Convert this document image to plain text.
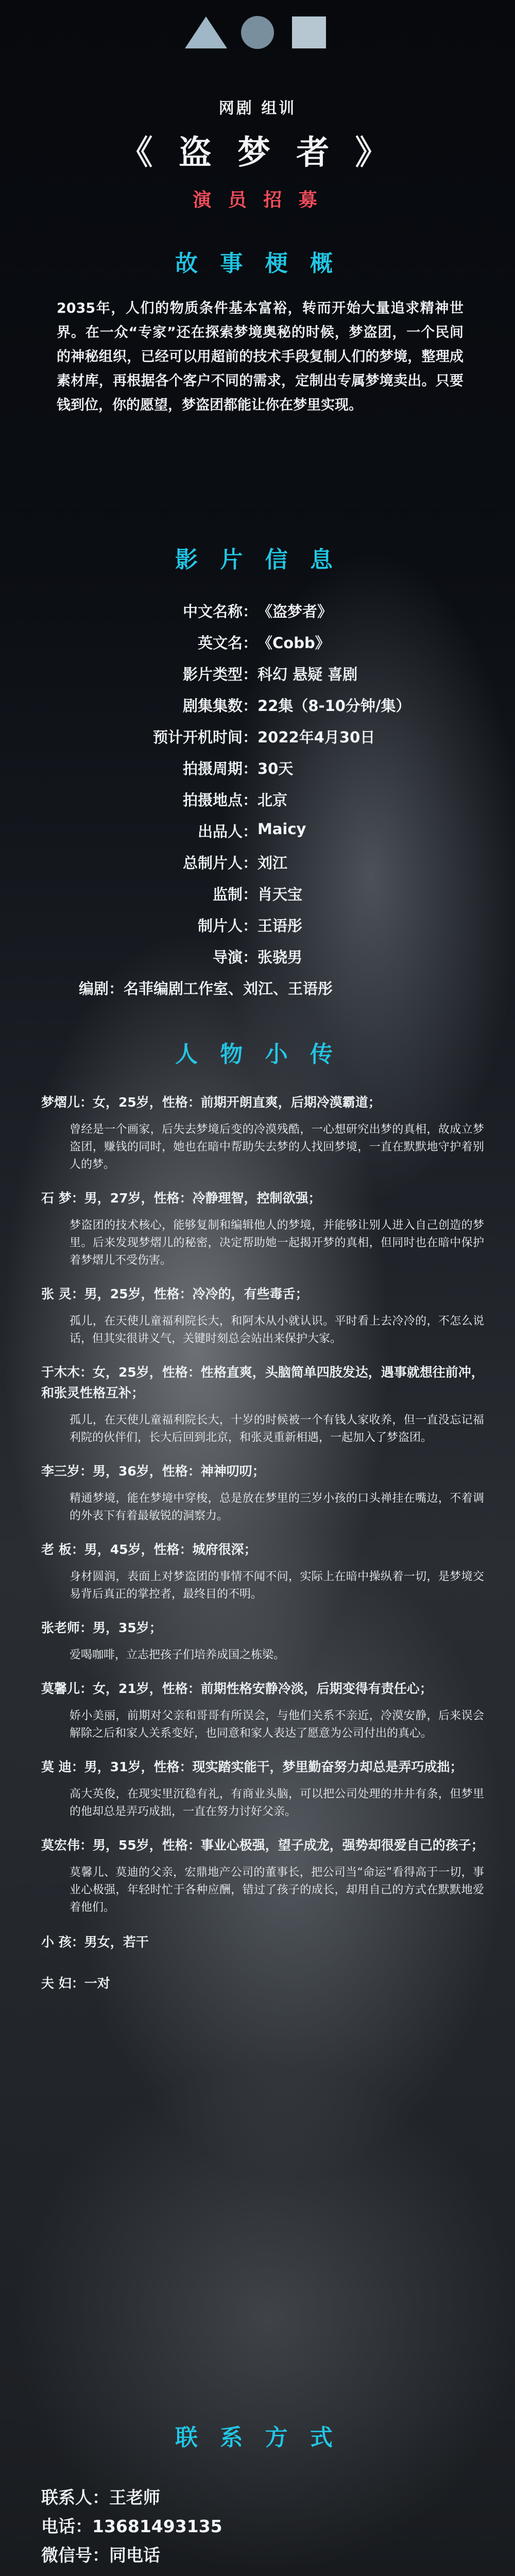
网剧 组训
《 盗 梦 者 》
演 员 招 募
故 事 梗 概
2035年，人们的物质条件基本富裕，转而开始大量追求精神世界。在一众“专家”还在探索梦境奥秘的时候，梦盗团，一个民间的神秘组织，已经可以用超前的技术手段复制人们的梦境，整理成素材库，再根据各个客户不同的需求，定制出专属梦境卖出。只要钱到位，你的愿望，梦盗团都能让你在梦里实现。
影 片 信 息
中文名称： 《盗梦者》
英文名： 《Cobb》
影片类型： 科幻 悬疑 喜剧
剧集集数： 22集（8-10分钟/集）
预计开机时间： 2022年4月30日
拍摄周期： 30天
拍摄地点： 北京
出品人： Maicy
总制片人： 刘江
监制： 肖天宝
制片人： 王语彤
导演： 张骁男
编剧： 名菲编剧工作室、刘江、王语彤
人 物 小 传
梦熠儿：女，25岁，性格：前期开朗直爽，后期冷漠霸道；
曾经是一个画家，后失去梦境后变的冷漠残酷，一心想研究出梦的真相，故成立梦盗团，赚钱的同时，她也在暗中帮助失去梦的人找回梦境，一直在默默地守护着别人的梦。
石 梦：男，27岁，性格：冷静理智，控制欲强；
梦盗团的技术核心，能够复制和编辑他人的梦境，并能够让别人进入自己创造的梦里。后来发现梦熠儿的秘密，决定帮助她一起揭开梦的真相，但同时也在暗中保护着梦熠儿不受伤害。
张 灵：男，25岁，性格：冷冷的，有些毒舌；
孤儿，在天使儿童福利院长大，和阿木从小就认识。平时看上去冷冷的，不怎么说话，但其实很讲义气，关键时刻总会站出来保护大家。
于木木：女，25岁，性格：性格直爽，头脑简单四肢发达，遇事就想往前冲，和张灵性格互补；
孤儿，在天使儿童福利院长大，十岁的时候被一个有钱人家收养，但一直没忘记福利院的伙伴们，长大后回到北京，和张灵重新相遇，一起加入了梦盗团。
李三岁：男，36岁，性格：神神叨叨；
精通梦境，能在梦境中穿梭，总是放在梦里的三岁小孩的口头禅挂在嘴边，不着调的外表下有着最敏锐的洞察力。
老 板：男，45岁，性格：城府很深；
身材圆润，表面上对梦盗团的事情不闻不问，实际上在暗中操纵着一切，是梦境交易背后真正的掌控者，最终目的不明。
张老师：男，35岁；
爱喝咖啡，立志把孩子们培养成国之栋梁。
莫馨儿：女，21岁，性格：前期性格安静冷淡，后期变得有责任心；
娇小美丽，前期对父亲和哥哥有所误会，与他们关系不亲近，冷漠安静，后来误会解除之后和家人关系变好，也同意和家人表达了愿意为公司付出的真心。
莫 迪：男，31岁，性格：现实踏实能干，梦里勤奋努力却总是弄巧成拙；
高大英俊，在现实里沉稳有礼，有商业头脑，可以把公司处理的井井有条，但梦里的他却总是弄巧成拙，一直在努力讨好父亲。
莫宏伟：男，55岁，性格：事业心极强，望子成龙，强势却很爱自己的孩子；
莫馨儿、莫迪的父亲，宏鼎地产公司的董事长，把公司当“命运”看得高于一切，事业心极强，年轻时忙于各种应酬，错过了孩子的成长，却用自己的方式在默默地爱着他们。
小 孩：男女，若干
夫 妇：一对
联 系 方 式
联系人：王老师
电话：13681493135
微信号：同电话
